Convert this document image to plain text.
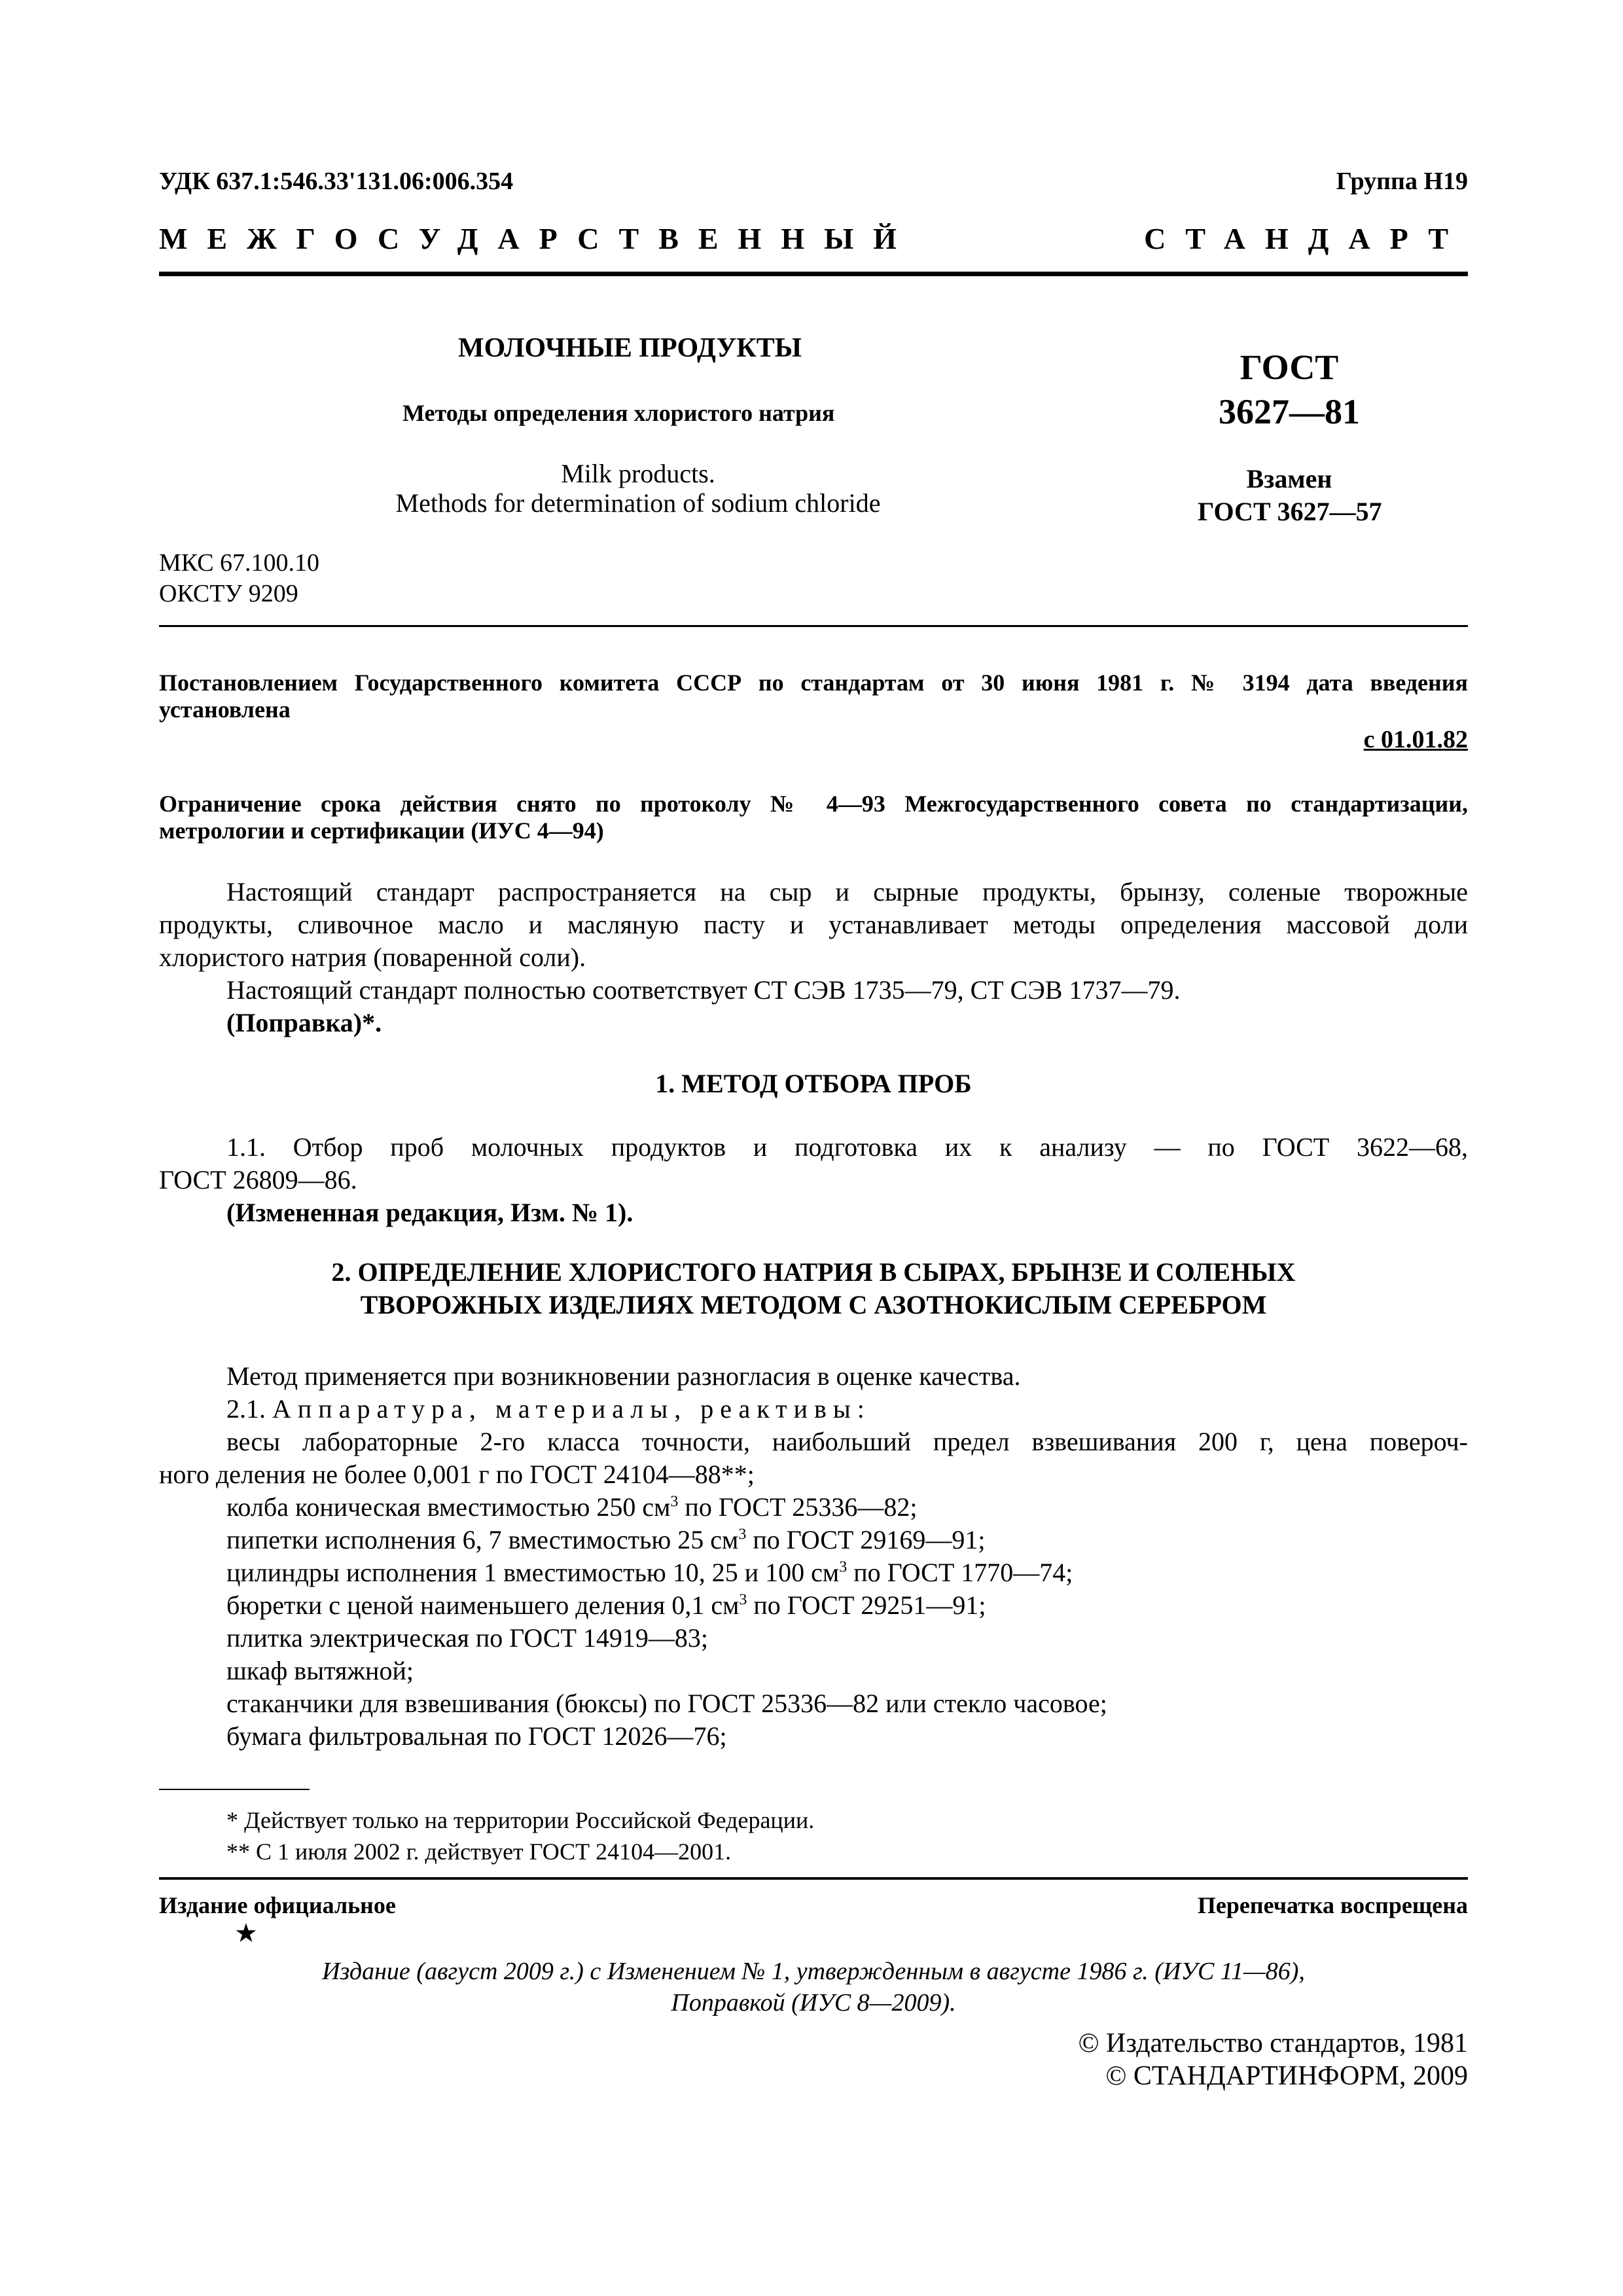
УДК 637.1:546.33'131.06:006.354	Группа Н19
МЕЖГОСУДАРСТВЕННЫЙ СТАНДАРТ
МОЛОЧНЫЕ ПРОДУКТЫ
Методы определения хлористого натрия
Milk products.
Methods for determination of sodium chloride
ГОСТ
3627—81
Взамен
ГОСТ 3627—57
МКС 67.100.10
ОКСТУ 9209
Постановлением Государственного комитета СССР по стандартам от 30 июня 1981 г. № 3194 дата введения
установлена
с 01.01.82
Ограничение срока действия снято по протоколу № 4—93 Межгосударственного совета по стандартизации,
метрологии и сертификации (ИУС 4—94)
Настоящий стандарт распространяется на сыр и сырные продукты, брынзу, соленые творожные
продукты, сливочное масло и масляную пасту и устанавливает методы определения массовой доли
хлористого натрия (поваренной соли).
Настоящий стандарт полностью соответствует СТ СЭВ 1735—79, СТ СЭВ 1737—79.
(Поправка)*.
1. МЕТОД ОТБОРА ПРОБ
1.1. Отбор проб молочных продуктов и подготовка их к анализу — по ГОСТ 3622—68,
ГОСТ 26809—86.
(Измененная редакция, Изм. № 1).
2. ОПРЕДЕЛЕНИЕ ХЛОРИСТОГО НАТРИЯ В СЫРАХ, БРЫНЗЕ И СОЛЕНЫХ
ТВОРОЖНЫХ ИЗДЕЛИЯХ МЕТОДОМ С АЗОТНОКИСЛЫМ СЕРЕБРОМ
Метод применяется при возникновении разногласия в оценке качества.
2.1. Аппаратура, материалы, реактивы:
весы лабораторные 2-го класса точности, наибольший предел взвешивания 200 г, цена повероч-
ного деления не более 0,001 г по ГОСТ 24104—88**;
колба коническая вместимостью 250 $см^3$ по ГОСТ 25336—82;
пипетки исполнения 6, 7 вместимостью 25 $см^3$ по ГОСТ 29169—91;
цилиндры исполнения 1 вместимостью 10, 25 и 100 $см^3$ по ГОСТ 1770—74;
бюретки с ценой наименьшего деления 0,1 $см^3$ по ГОСТ 29251—91;
плитка электрическая по ГОСТ 14919—83;
шкаф вытяжной;
стаканчики для взвешивания (бюксы) по ГОСТ 25336—82 или стекло часовое;
бумага фильтровальная по ГОСТ 12026—76;
* Действует только на территории Российской Федерации.
** С 1 июля 2002 г. действует ГОСТ 24104—2001.
Издание официальное	Перепечатка воспрещена
★
Издание (август 2009 г.) с Изменением № 1, утвержденным в августе 1986 г. (ИУС 11—86),
Поправкой (ИУС 8—2009).
© Издательство стандартов, 1981
© СТАНДАРТИНФОРМ, 2009
